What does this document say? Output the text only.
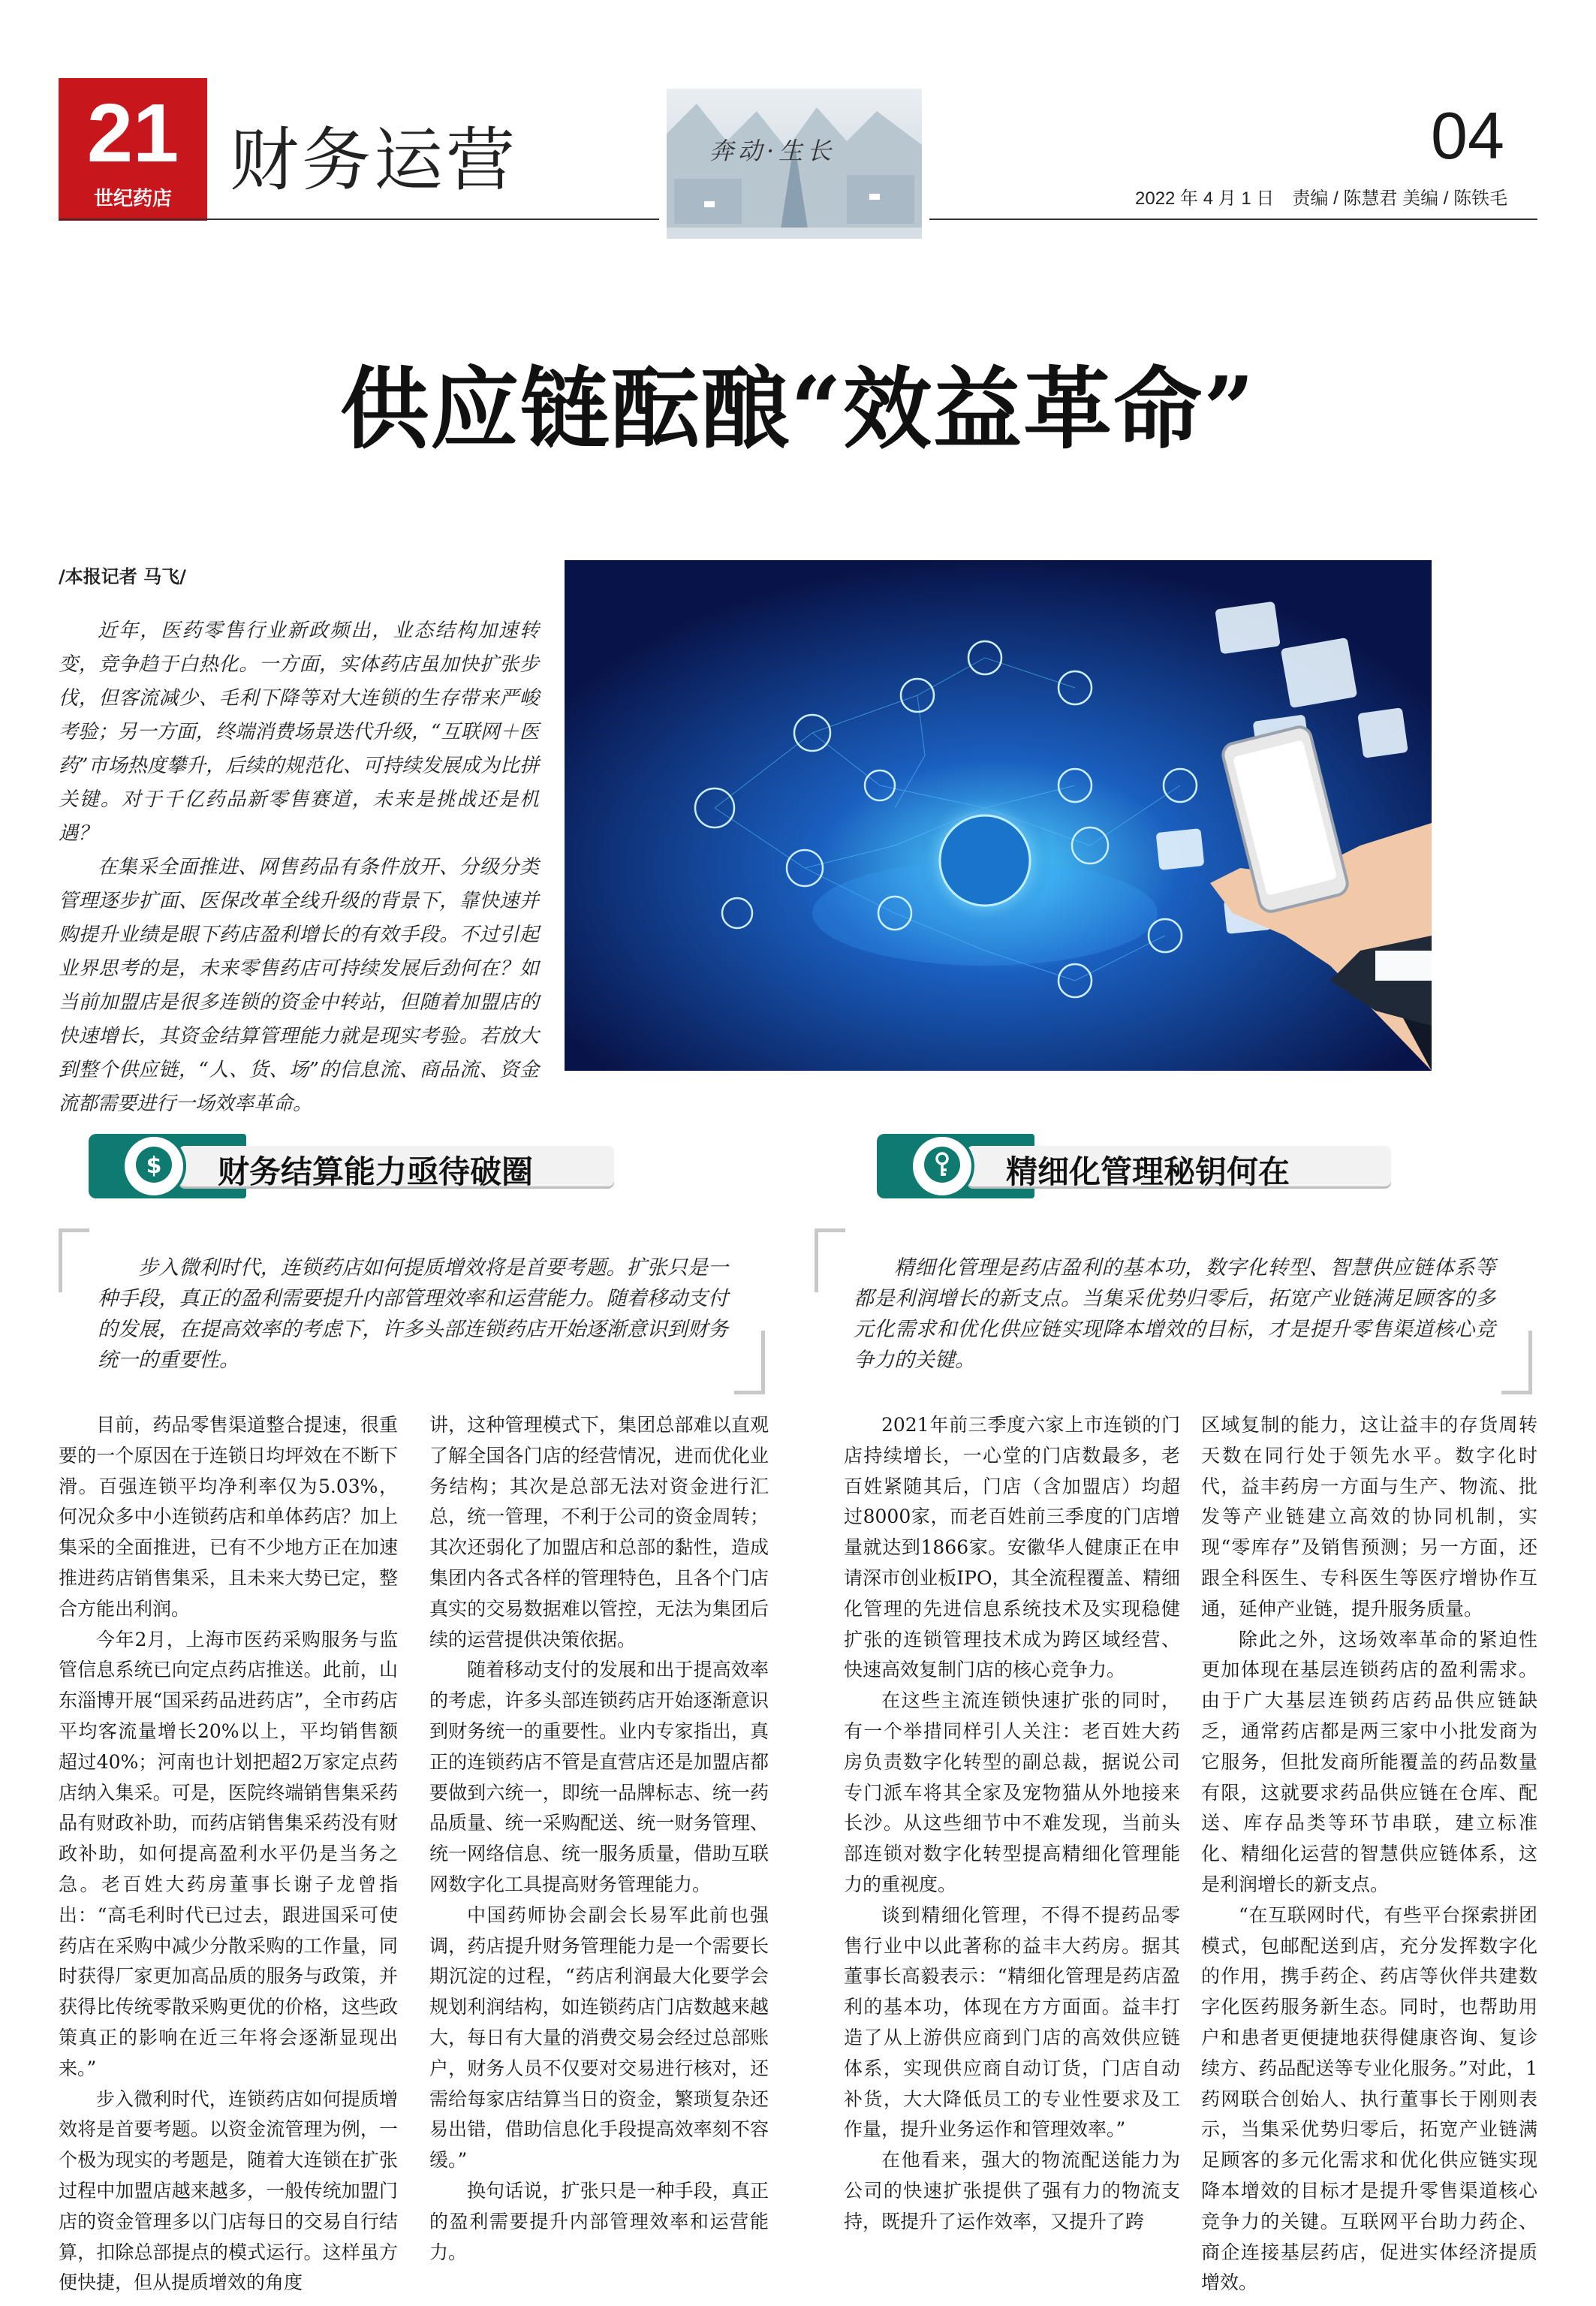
21
世纪药店 财务运营	奔动·生长	04
2022 年 4 月 1 日　责编 / 陈慧君 美编 / 陈铁毛
供应链酝酿“效益革命”
/本报记者 马飞/

近年，医药零售行业新政频出，业态结构加速转变，竞争趋于白热化。一方面，实体药店虽加快扩张步伐，但客流减少、毛利下降等对大连锁的生存带来严峻考验；另一方面，终端消费场景迭代升级，“互联网＋医药”市场热度攀升，后续的规范化、可持续发展成为比拼关键。对于千亿药品新零售赛道，未来是挑战还是机遇？

在集采全面推进、网售药品有条件放开、分级分类管理逐步扩面、医保改革全线升级的背景下，靠快速并购提升业绩是眼下药店盈利增长的有效手段。不过引起业界思考的是，未来零售药店可持续发展后劲何在？如当前加盟店是很多连锁的资金中转站，但随着加盟店的快速增长，其资金结算管理能力就是现实考验。若放大到整个供应链，“人、货、场”的信息流、商品流、资金流都需要进行一场效率革命。

$ 财务结算能力亟待破圈	精细化管理秘钥何在

步入微利时代，连锁药店如何提质增效将是首要考题。扩张只是一种手段，真正的盈利需要提升内部管理效率和运营能力。随着移动支付的发展，在提高效率的考虑下，许多头部连锁药店开始逐渐意识到财务统一的重要性。

精细化管理是药店盈利的基本功，数字化转型、智慧供应链体系等都是利润增长的新支点。当集采优势归零后，拓宽产业链满足顾客的多元化需求和优化供应链实现降本增效的目标，才是提升零售渠道核心竞争力的关键。

目前，药品零售渠道整合提速，很重要的一个原因在于连锁日均坪效在不断下滑。百强连锁平均净利率仅为5.03%，何况众多中小连锁药店和单体药店？加上集采的全面推进，已有不少地方正在加速推进药店销售集采，且未来大势已定，整合方能出利润。

今年2月，上海市医药采购服务与监管信息系统已向定点药店推送。此前，山东淄博开展“国采药品进药店”，全市药店平均客流量增长20%以上，平均销售额超过40%；河南也计划把超2万家定点药店纳入集采。可是，医院终端销售集采药品有财政补助，而药店销售集采药没有财政补助，如何提高盈利水平仍是当务之急。老百姓大药房董事长谢子龙曾指出：“高毛利时代已过去，跟进国采可使药店在采购中减少分散采购的工作量，同时获得厂家更加高品质的服务与政策，并获得比传统零散采购更优的价格，这些政策真正的影响在近三年将会逐渐显现出来。”

步入微利时代，连锁药店如何提质增效将是首要考题。以资金流管理为例，一个极为现实的考题是，随着大连锁在扩张过程中加盟店越来越多，一般传统加盟门店的资金管理多以门店每日的交易自行结算，扣除总部提点的模式运行。这样虽方便快捷，但从提质增效的角度

讲，这种管理模式下，集团总部难以直观了解全国各门店的经营情况，进而优化业务结构；其次是总部无法对资金进行汇总，统一管理，不利于公司的资金周转；其次还弱化了加盟店和总部的黏性，造成集团内各式各样的管理特色，且各个门店真实的交易数据难以管控，无法为集团后续的运营提供决策依据。

随着移动支付的发展和出于提高效率的考虑，许多头部连锁药店开始逐渐意识到财务统一的重要性。业内专家指出，真正的连锁药店不管是直营店还是加盟店都要做到六统一，即统一品牌标志、统一药品质量、统一采购配送、统一财务管理、统一网络信息、统一服务质量，借助互联网数字化工具提高财务管理能力。

中国药师协会副会长易军此前也强调，药店提升财务管理能力是一个需要长期沉淀的过程，“药店利润最大化要学会规划利润结构，如连锁药店门店数越来越大，每日有大量的消费交易会经过总部账户，财务人员不仅要对交易进行核对，还需给每家店结算当日的资金，繁琐复杂还易出错，借助信息化手段提高效率刻不容缓。”

换句话说，扩张只是一种手段，真正的盈利需要提升内部管理效率和运营能力。

2021年前三季度六家上市连锁的门店持续增长，一心堂的门店数最多，老百姓紧随其后，门店（含加盟店）均超过8000家，而老百姓前三季度的门店增量就达到1866家。安徽华人健康正在申请深市创业板IPO，其全流程覆盖、精细化管理的先进信息系统技术及实现稳健扩张的连锁管理技术成为跨区域经营、快速高效复制门店的核心竞争力。

在这些主流连锁快速扩张的同时，有一个举措同样引人关注：老百姓大药房负责数字化转型的副总裁，据说公司专门派车将其全家及宠物猫从外地接来长沙。从这些细节中不难发现，当前头部连锁对数字化转型提高精细化管理能力的重视度。

谈到精细化管理，不得不提药品零售行业中以此著称的益丰大药房。据其董事长高毅表示：“精细化管理是药店盈利的基本功，体现在方方面面。益丰打造了从上游供应商到门店的高效供应链体系，实现供应商自动订货，门店自动补货，大大降低员工的专业性要求及工作量，提升业务运作和管理效率。”

在他看来，强大的物流配送能力为公司的快速扩张提供了强有力的物流支持，既提升了运作效率，又提升了跨

区域复制的能力，这让益丰的存货周转天数在同行处于领先水平。数字化时代，益丰药房一方面与生产、物流、批发等产业链建立高效的协同机制，实现“零库存”及销售预测；另一方面，还跟全科医生、专科医生等医疗增协作互通，延伸产业链，提升服务质量。

除此之外，这场效率革命的紧迫性更加体现在基层连锁药店的盈利需求。由于广大基层连锁药店药品供应链缺乏，通常药店都是两三家中小批发商为它服务，但批发商所能覆盖的药品数量有限，这就要求药品供应链在仓库、配送、库存品类等环节串联，建立标准化、精细化运营的智慧供应链体系，这是利润增长的新支点。

“在互联网时代，有些平台探索拼团模式，包邮配送到店，充分发挥数字化的作用，携手药企、药店等伙伴共建数字化医药服务新生态。同时，也帮助用户和患者更便捷地获得健康咨询、复诊续方、药品配送等专业化服务。”对此，1药网联合创始人、执行董事长于刚则表示，当集采优势归零后，拓宽产业链满足顾客的多元化需求和优化供应链实现降本增效的目标才是提升零售渠道核心竞争力的关键。互联网平台助力药企、商企连接基层药店，促进实体经济提质增效。
